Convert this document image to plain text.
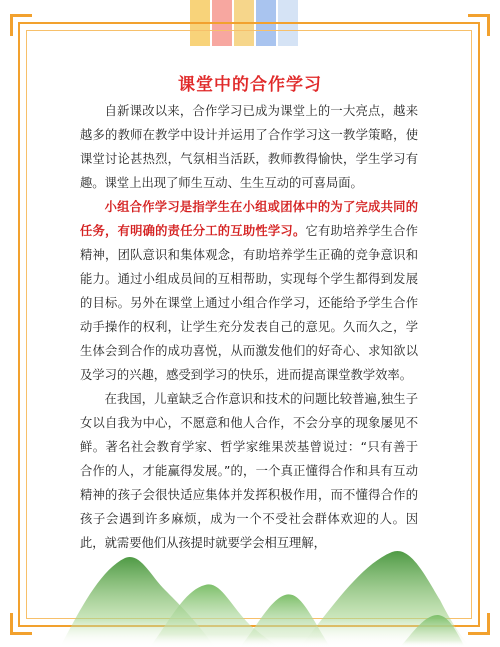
课堂中的合作学习

自新课改以来，合作学习已成为课堂上的一大亮点，越来越多的教师在教学中设计并运用了合作学习这一教学策略，使课堂讨论甚热烈，气氛相当活跃，教师教得愉快，学生学习有趣。课堂上出现了师生互动、生生互动的可喜局面。

小组合作学习是指学生在小组或团体中的为了完成共同的任务，有明确的责任分工的互助性学习。它有助培养学生合作精神，团队意识和集体观念，有助培养学生正确的竞争意识和能力。通过小组成员间的互相帮助，实现每个学生都得到发展的目标。另外在课堂上通过小组合作学习，还能给予学生合作动手操作的权利，让学生充分发表自己的意见。久而久之，学生体会到合作的成功喜悦，从而激发他们的好奇心、求知欲以及学习的兴趣，感受到学习的快乐，进而提高课堂教学效率。

在我国，儿童缺乏合作意识和技术的问题比较普遍,独生子女以自我为中心，不愿意和他人合作，不会分享的现象屡见不鲜。著名社会教育学家、哲学家维果茨基曾说过：“只有善于合作的人，才能赢得发展。”的，一个真正懂得合作和具有互动精神的孩子会很快适应集体并发挥积极作用，而不懂得合作的孩子会遇到许多麻烦，成为一个不受社会群体欢迎的人。因此，就需要他们从孩提时就要学会相互理解，
